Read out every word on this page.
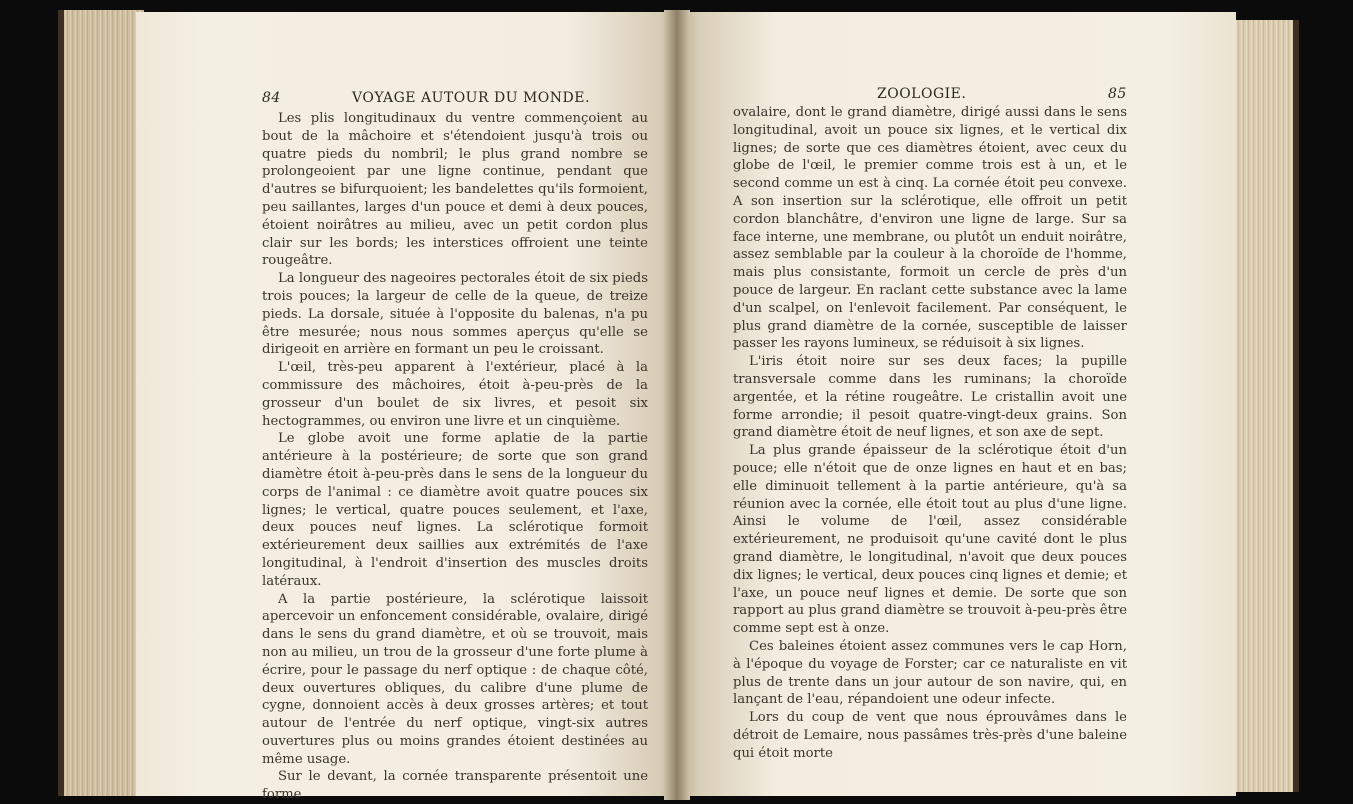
84	VOYAGE AUTOUR DU MONDE.	ZOOLOGIE.	85

Les plis longitudinaux du ventre commençoient au bout de la mâchoire et s'étendoient jusqu'à trois ou quatre pieds du nombril; le plus grand nombre se prolongeoient par une ligne continue, pendant que d'autres se bifurquoient; les bandelettes qu'ils formoient, peu saillantes, larges d'un pouce et demi à deux pouces, étoient noirâtres au milieu, avec un petit cordon plus clair sur les bords; les interstices offroient une teinte rougeâtre.

La longueur des nageoires pectorales étoit de six pieds trois pouces; la largeur de celle de la queue, de treize pieds. La dorsale, située à l'opposite du balenas, n'a pu être mesurée; nous nous sommes aperçus qu'elle se dirigeoit en arrière en formant un peu le croissant.

L'œil, très-peu apparent à l'extérieur, placé à la commissure des mâchoires, étoit à-peu-près de la grosseur d'un boulet de six livres, et pesoit six hectogrammes, ou environ une livre et un cinquième.

Le globe avoit une forme aplatie de la partie antérieure à la postérieure; de sorte que son grand diamètre étoit à-peu-près dans le sens de la longueur du corps de l'animal : ce diamètre avoit quatre pouces six lignes; le vertical, quatre pouces seulement, et l'axe, deux pouces neuf lignes. La sclérotique formoit extérieurement deux saillies aux extrémités de l'axe longitudinal, à l'endroit d'insertion des muscles droits latéraux.

A la partie postérieure, la sclérotique laissoit apercevoir un enfoncement considérable, ovalaire, dirigé dans le sens du grand diamètre, et où se trouvoit, mais non au milieu, un trou de la grosseur d'une forte plume à écrire, pour le passage du nerf optique : de chaque côté, deux ouvertures obliques, du calibre d'une plume de cygne, donnoient accès à deux grosses artères; et tout autour de l'entrée du nerf optique, vingt-six autres ouvertures plus ou moins grandes étoient destinées au même usage.

Sur le devant, la cornée transparente présentoit une forme

ovalaire, dont le grand diamètre, dirigé aussi dans le sens longitudinal, avoit un pouce six lignes, et le vertical dix lignes; de sorte que ces diamètres étoient, avec ceux du globe de l'œil, le premier comme trois est à un, et le second comme un est à cinq. La cornée étoit peu convexe. A son insertion sur la sclérotique, elle offroit un petit cordon blanchâtre, d'environ une ligne de large. Sur sa face interne, une membrane, ou plutôt un enduit noirâtre, assez semblable par la couleur à la choroïde de l'homme, mais plus consistante, formoit un cercle de près d'un pouce de largeur. En raclant cette substance avec la lame d'un scalpel, on l'enlevoit facilement. Par conséquent, le plus grand diamètre de la cornée, susceptible de laisser passer les rayons lumineux, se réduisoit à six lignes.

L'iris étoit noire sur ses deux faces; la pupille transversale comme dans les ruminans; la choroïde argentée, et la rétine rougeâtre. Le cristallin avoit une forme arrondie; il pesoit quatre-vingt-deux grains. Son grand diamètre étoit de neuf lignes, et son axe de sept.

La plus grande épaisseur de la sclérotique étoit d'un pouce; elle n'étoit que de onze lignes en haut et en bas; elle diminuoit tellement à la partie antérieure, qu'à sa réunion avec la cornée, elle étoit tout au plus d'une ligne. Ainsi le volume de l'œil, assez considérable extérieurement, ne produisoit qu'une cavité dont le plus grand diamètre, le longitudinal, n'avoit que deux pouces dix lignes; le vertical, deux pouces cinq lignes et demie; et l'axe, un pouce neuf lignes et demie. De sorte que son rapport au plus grand diamètre se trouvoit à-peu-près être comme sept est à onze.

Ces baleines étoient assez communes vers le cap Horn, à l'époque du voyage de Forster; car ce naturaliste en vit plus de trente dans un jour autour de son navire, qui, en lançant de l'eau, répandoient une odeur infecte.

Lors du coup de vent que nous éprouvâmes dans le détroit de Lemaire, nous passâmes très-près d'une baleine qui étoit morte
